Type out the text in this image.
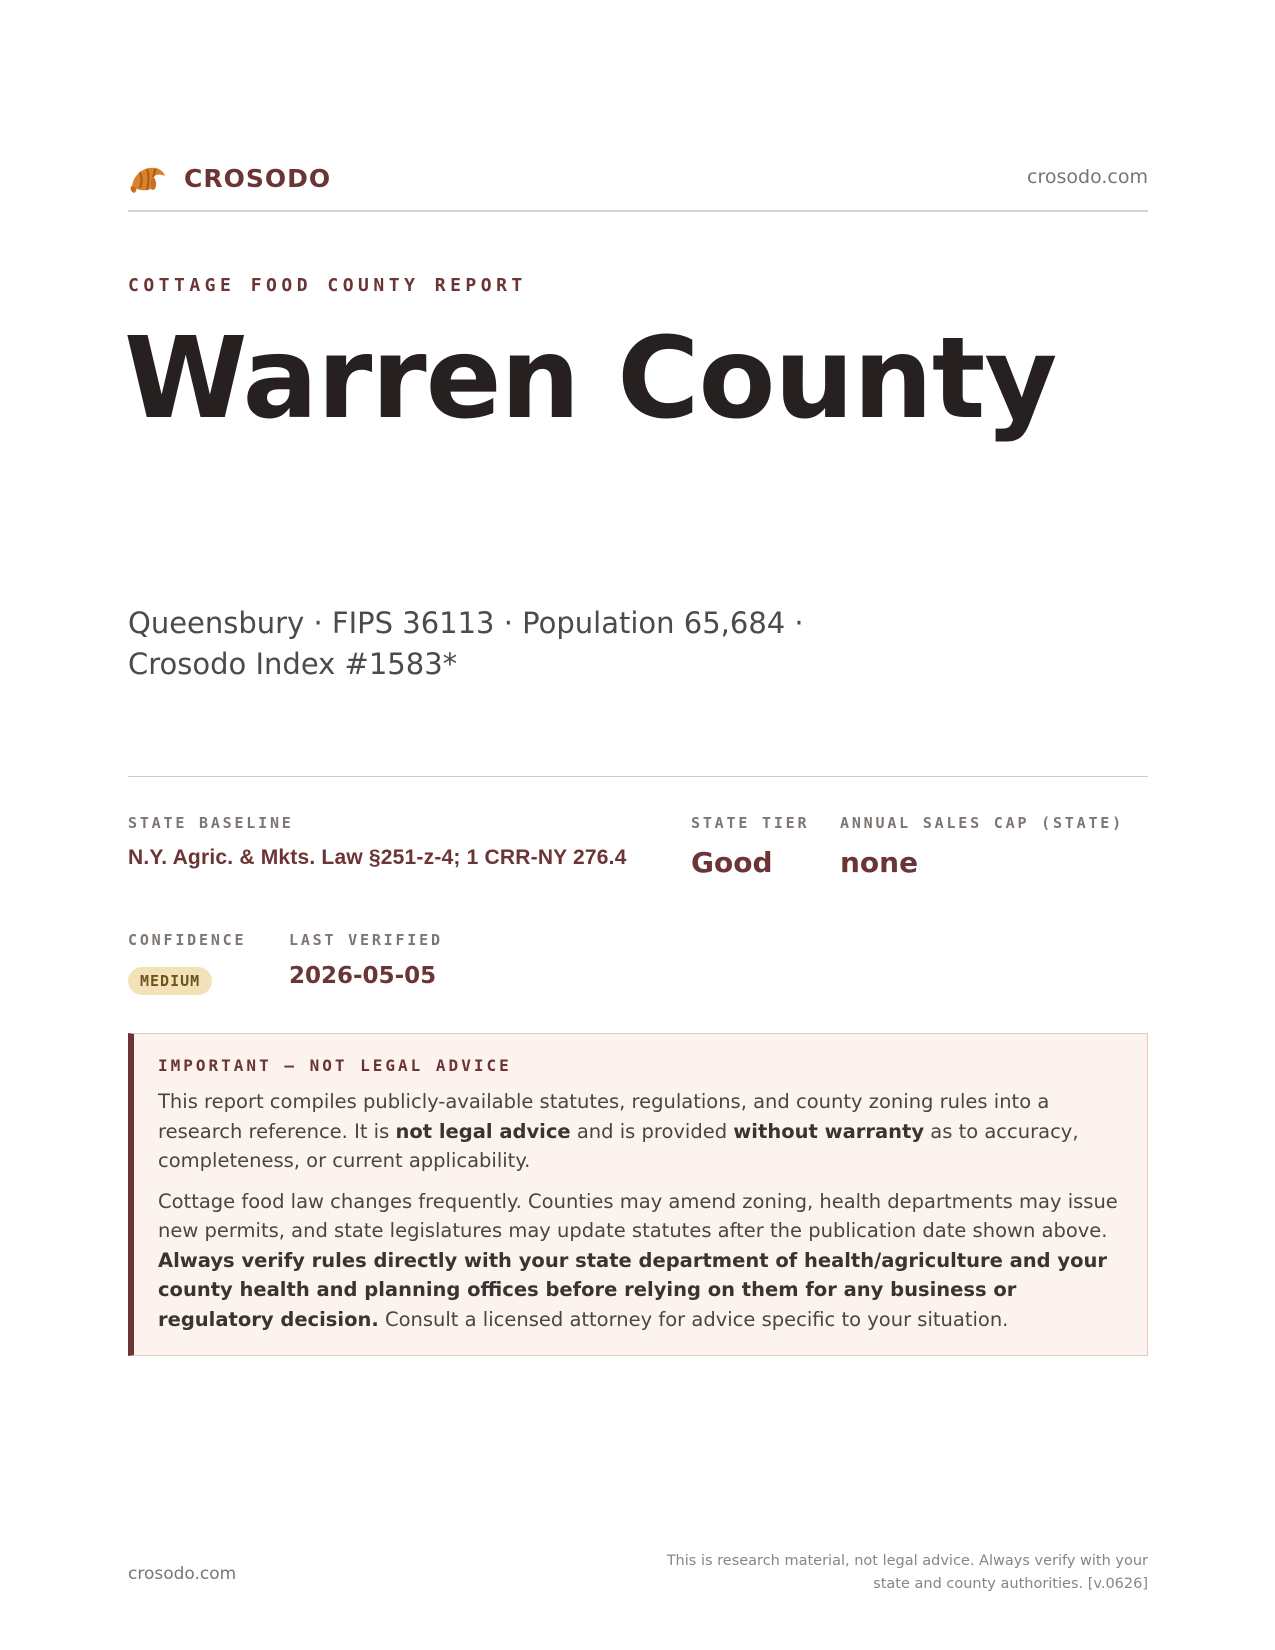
CROSODO	crosodo.com
COTTAGE FOOD COUNTY REPORT
Warren County
Queensbury · FIPS 36113 · Population 65,684 · Crosodo Index #1583*
STATE BASELINE
N.Y. Agric. & Mkts. Law §251-z-4; 1 CRR-NY 276.4
STATE TIER
Good
ANNUAL SALES CAP (STATE)
none
CONFIDENCE
MEDIUM
LAST VERIFIED
2026-05-05
IMPORTANT — NOT LEGAL ADVICE

This report compiles publicly-available statutes, regulations, and county zoning rules into a research reference. It is not legal advice and is provided without warranty as to accuracy, completeness, or current applicability.

Cottage food law changes frequently. Counties may amend zoning, health departments may issue new permits, and state legislatures may update statutes after the publication date shown above. Always verify rules directly with your state department of health/agriculture and your county health and planning offices before relying on them for any business or regulatory decision. Consult a licensed attorney for advice specific to your situation.

crosodo.com
This is research material, not legal advice. Always verify with your state and county authorities. [v.0626]
